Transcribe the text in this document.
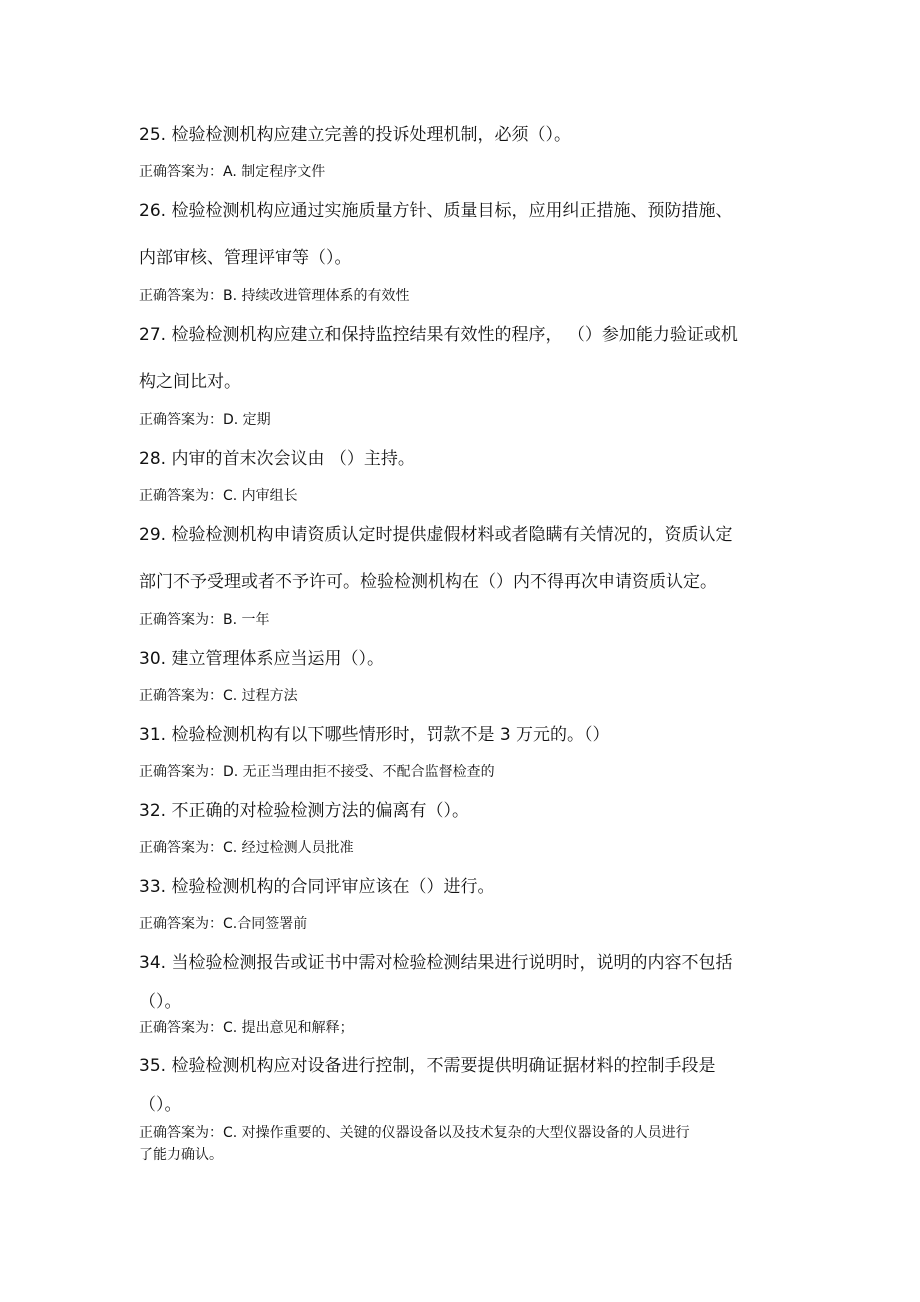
25. 检验检测机构应建立完善的投诉处理机制，必须（）。
正确答案为：A. 制定程序文件
26. 检验检测机构应通过实施质量方针、质量目标，应用纠正措施、预防措施、
内部审核、管理评审等（）。
正确答案为：B. 持续改进管理体系的有效性
27. 检验检测机构应建立和保持监控结果有效性的程序， （）参加能力验证或机
构之间比对。
正确答案为：D. 定期
28. 内审的首末次会议由 （）主持。
正确答案为：C. 内审组长
29. 检验检测机构申请资质认定时提供虚假材料或者隐瞒有关情况的，资质认定
部门不予受理或者不予许可。检验检测机构在（）内不得再次申请资质认定。
正确答案为：B. 一年
30. 建立管理体系应当运用（）。
正确答案为：C. 过程方法
31. 检验检测机构有以下哪些情形时，罚款不是 3 万元的。（）
正确答案为：D. 无正当理由拒不接受、不配合监督检查的
32. 不正确的对检验检测方法的偏离有（）。
正确答案为：C. 经过检测人员批准
33. 检验检测机构的合同评审应该在（）进行。
正确答案为：C.合同签署前
34. 当检验检测报告或证书中需对检验检测结果进行说明时，说明的内容不包括
（）。
正确答案为：C. 提出意见和解释；
35. 检验检测机构应对设备进行控制，不需要提供明确证据材料的控制手段是
（）。
正确答案为：C. 对操作重要的、关键的仪器设备以及技术复杂的大型仪器设备的人员进行
了能力确认。
